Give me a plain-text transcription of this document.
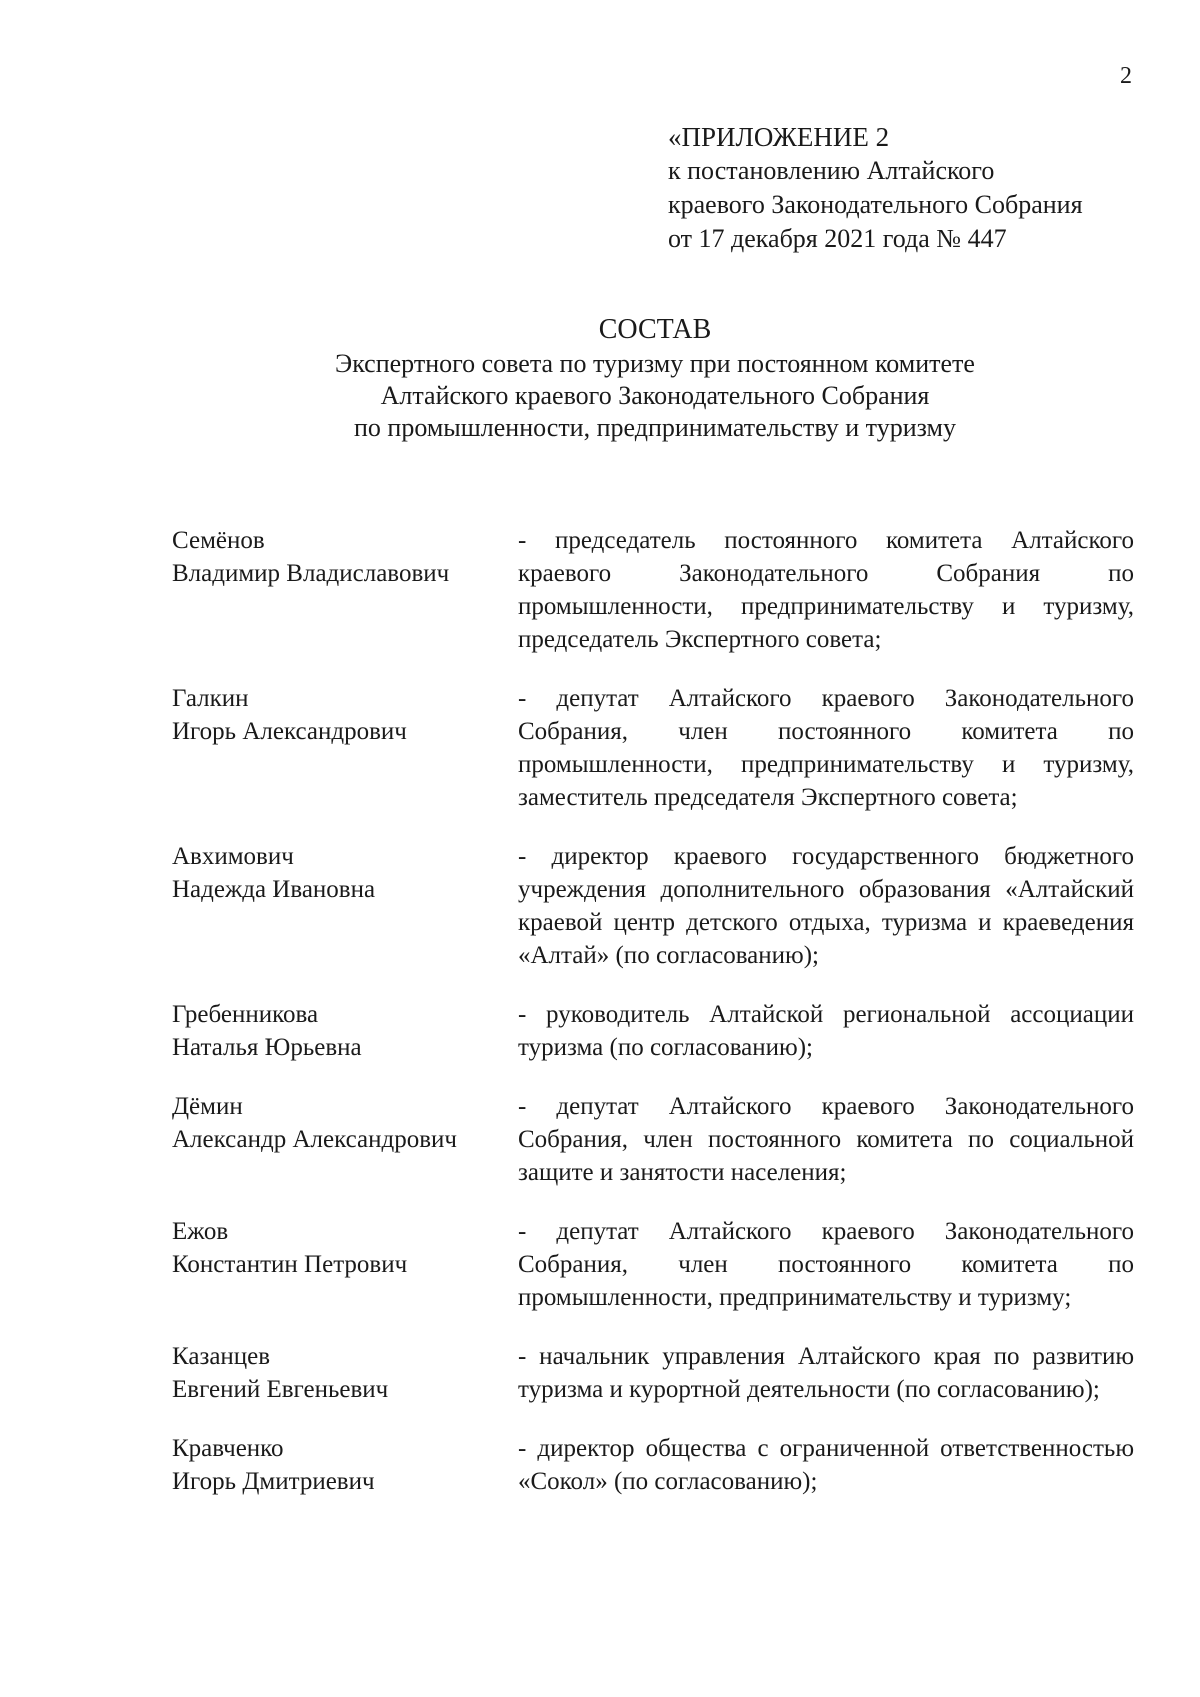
2
«ПРИЛОЖЕНИЕ 2
к постановлению Алтайского
краевого Законодательного Собрания
от 17 декабря 2021 года № 447
СОСТАВ
Экспертного совета по туризму при постоянном комитете
Алтайского краевого Законодательного Собрания
по промышленности, предпринимательству и туризму
Семёнов
Владимир Владиславович
- председатель постоянного комитета Алтайского краевого Законодательного Собрания по промышленности, предпринимательству и туризму, председатель Экспертного совета;
Галкин
Игорь Александрович
- депутат Алтайского краевого Законодательного Собрания, член постоянного комитета по промышленности, предпринимательству и туризму, заместитель председателя Экспертного совета;
Авхимович
Надежда Ивановна
- директор краевого государственного бюджетного учреждения дополнительного образования «Алтайский краевой центр детского отдыха, туризма и краеведения «Алтай» (по согласованию);
Гребенникова
Наталья Юрьевна
- руководитель Алтайской региональной ассоциации туризма (по согласованию);
Дёмин
Александр Александрович
- депутат Алтайского краевого Законодательного Собрания, член постоянного комитета по социальной защите и занятости населения;
Ежов
Константин Петрович
- депутат Алтайского краевого Законодательного Собрания, член постоянного комитета по промышленности, предпринимательству и туризму;
Казанцев
Евгений Евгеньевич
- начальник управления Алтайского края по развитию туризма и курортной деятельности (по согласованию);
Кравченко
Игорь Дмитриевич
- директор общества с ограниченной ответственностью «Сокол» (по согласованию);
